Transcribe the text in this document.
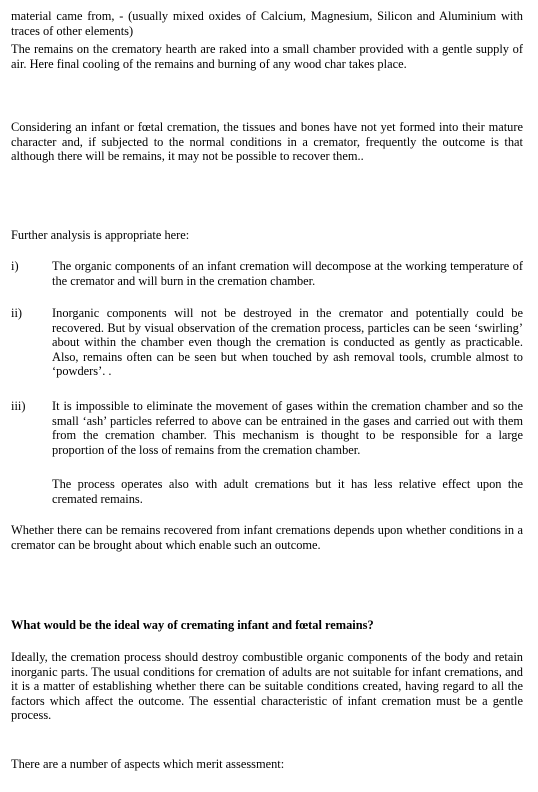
material came from, - (usually mixed oxides of Calcium, Magnesium, Silicon and Aluminium with traces of other elements)

The remains on the crematory hearth are raked into a small chamber provided with a gentle supply of air. Here final cooling of the remains and burning of any wood char takes place.

Considering an infant or fœtal cremation, the tissues and bones have not yet formed into their mature character and, if subjected to the normal conditions in a cremator, frequently the outcome is that although there will be remains, it may not be possible to recover them..

Further analysis is appropriate here:

i)	The organic components of an infant cremation will decompose at the working temperature of the cremator and will burn in the cremation chamber.

ii)	Inorganic components will not be destroyed in the cremator and potentially could be recovered. But by visual observation of the cremation process, particles can be seen ‘swirling’ about within the chamber even though the cremation is conducted as gently as practicable. Also, remains often can be seen but when touched by ash removal tools, crumble almost to ‘powders’. .

iii)	It is impossible to eliminate the movement of gases within the cremation chamber and so the small ‘ash’ particles referred to above can be entrained in the gases and carried out with them from the cremation chamber. This mechanism is thought to be responsible for a large proportion of the loss of remains from the cremation chamber.

The process operates also with adult cremations but it has less relative effect upon the cremated remains.

Whether there can be remains recovered from infant cremations depends upon whether conditions in a cremator can be brought about which enable such an outcome.

What would be the ideal way of cremating infant and fœtal remains?

Ideally, the cremation process should destroy combustible organic components of the body and retain inorganic parts. The usual conditions for cremation of adults are not suitable for infant cremations, and it is a matter of establishing whether there can be suitable conditions created, having regard to all the factors which affect the outcome. The essential characteristic of infant cremation must be a gentle process.

There are a number of aspects which merit assessment:
